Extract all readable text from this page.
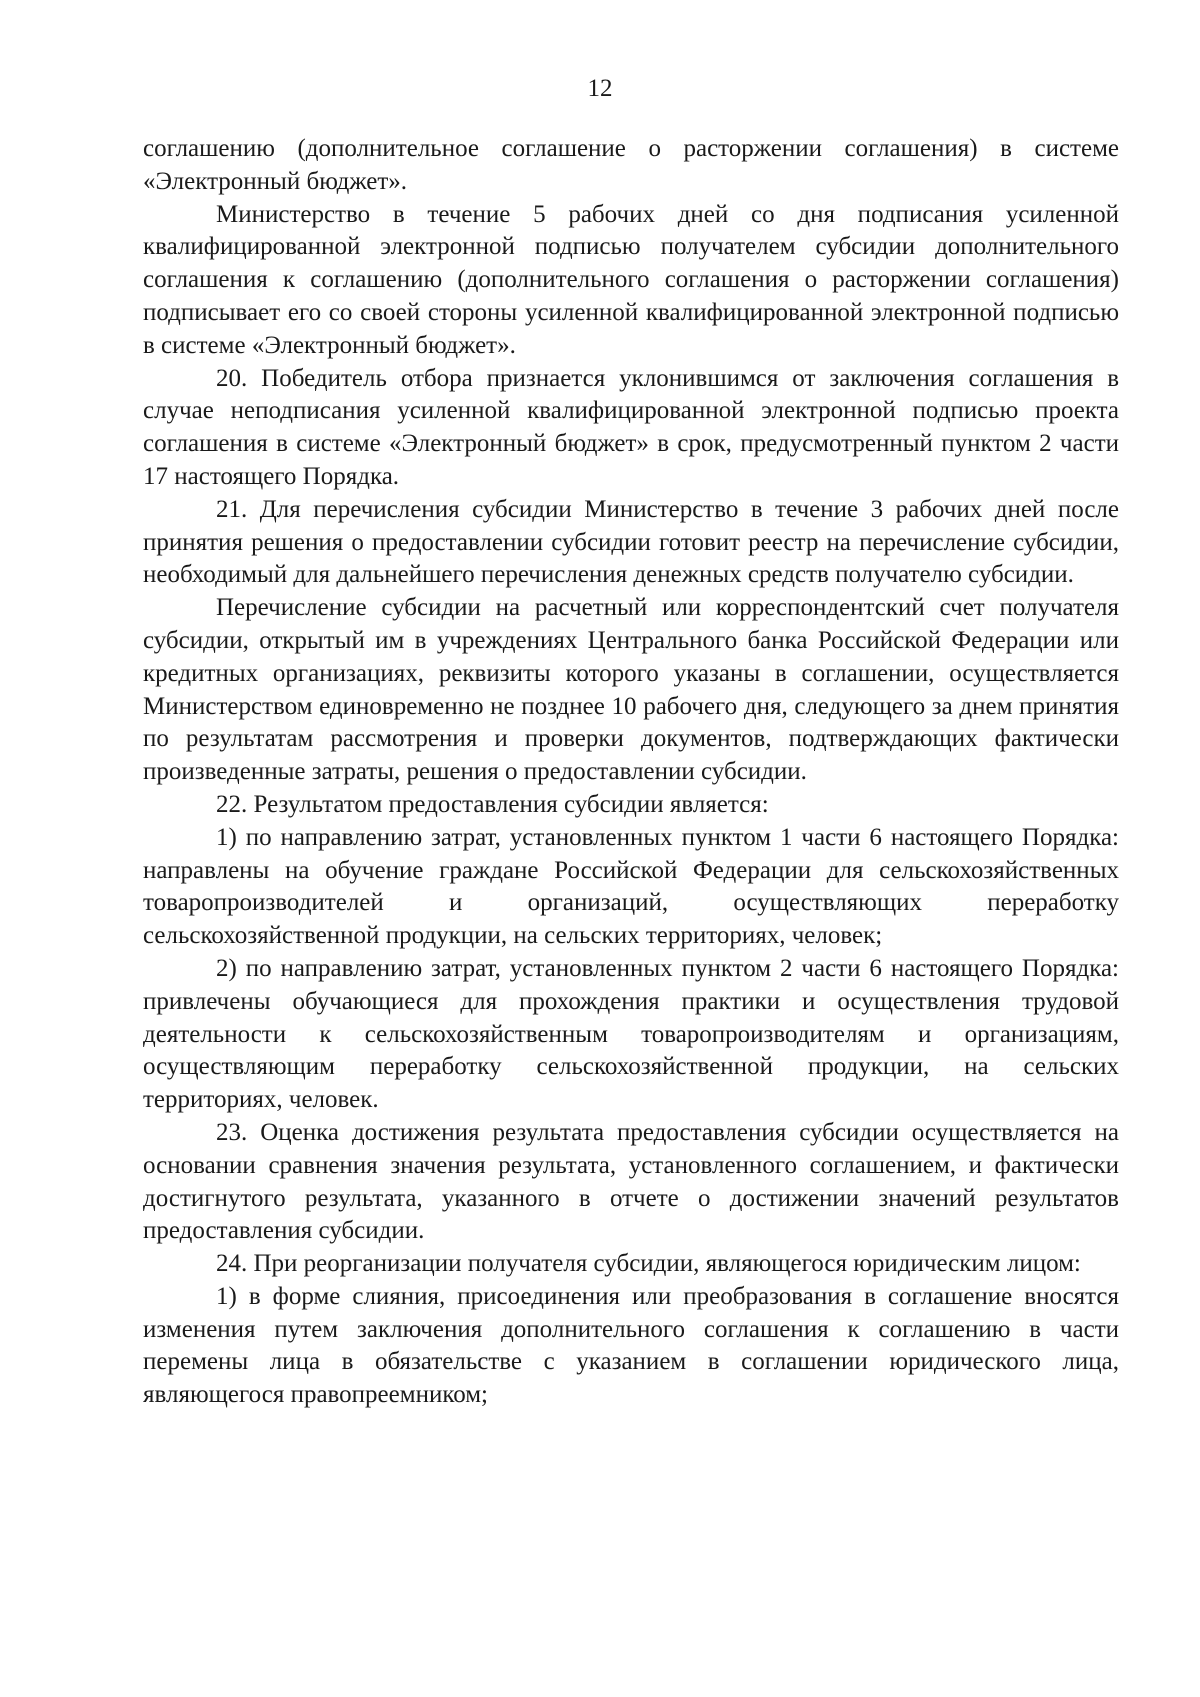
12

соглашению (дополнительное соглашение о расторжении соглашения) в системе «Электронный бюджет».

Министерство в течение 5 рабочих дней со дня подписания усиленной квалифицированной электронной подписью получателем субсидии дополнительного соглашения к соглашению (дополнительного соглашения о расторжении соглашения) подписывает его со своей стороны усиленной квалифицированной электронной подписью в системе «Электронный бюджет».

20. Победитель отбора признается уклонившимся от заключения соглашения в случае неподписания усиленной квалифицированной электронной подписью проекта соглашения в системе «Электронный бюджет» в срок, предусмотренный пунктом 2 части 17 настоящего Порядка.

21. Для перечисления субсидии Министерство в течение 3 рабочих дней после принятия решения о предоставлении субсидии готовит реестр на перечисление субсидии, необходимый для дальнейшего перечисления денежных средств получателю субсидии.

Перечисление субсидии на расчетный или корреспондентский счет получателя субсидии, открытый им в учреждениях Центрального банка Российской Федерации или кредитных организациях, реквизиты которого указаны в соглашении, осуществляется Министерством единовременно не позднее 10 рабочего дня, следующего за днем принятия по результатам рассмотрения и проверки документов, подтверждающих фактически произведенные затраты, решения о предоставлении субсидии.

22. Результатом предоставления субсидии является:

1) по направлению затрат, установленных пунктом 1 части 6 настоящего Порядка: направлены на обучение граждане Российской Федерации для сельскохозяйственных товаропроизводителей и организаций, осуществляющих переработку сельскохозяйственной продукции, на сельских территориях, человек;

2) по направлению затрат, установленных пунктом 2 части 6 настоящего Порядка: привлечены обучающиеся для прохождения практики и осуществления трудовой деятельности к сельскохозяйственным товаропроизводителям и организациям, осуществляющим переработку сельскохозяйственной продукции, на сельских территориях, человек.

23. Оценка достижения результата предоставления субсидии осуществляется на основании сравнения значения результата, установленного соглашением, и фактически достигнутого результата, указанного в отчете о достижении значений результатов предоставления субсидии.

24. При реорганизации получателя субсидии, являющегося юридическим лицом:

1) в форме слияния, присоединения или преобразования в соглашение вносятся изменения путем заключения дополнительного соглашения к соглашению в части перемены лица в обязательстве с указанием в соглашении юридического лица, являющегося правопреемником;
